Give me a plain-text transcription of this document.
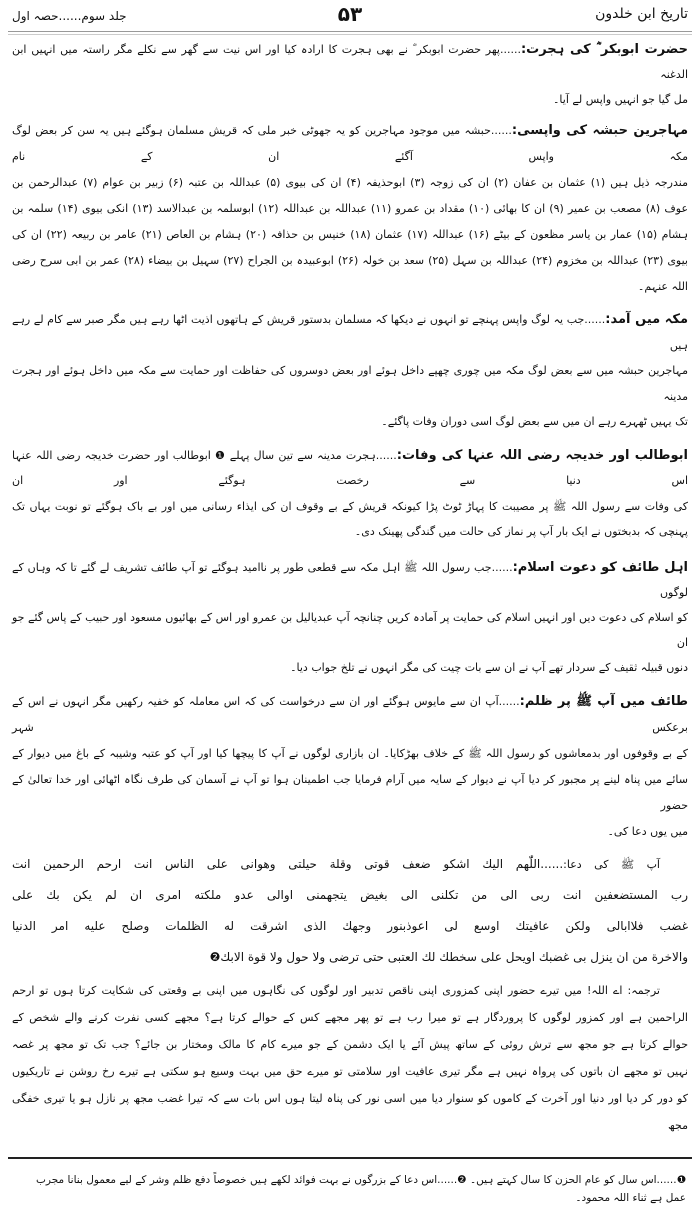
تاریخ ابن خلدون
۵۳
جلد سوم......حصہ اول
حضرت ابوبکر ؓ کی ہجرت:......پھر حضرت ابوبکر ؓ نے بھی ہجرت کا ارادہ کیا اور اس نیت سے گھر سے نکلے مگر راستہ میں انہیں ابن الدغنہ
مل گیا جو انہیں واپس لے آیا۔
مہاجرین حبشہ کی واپسی:......حبشہ میں موجود مہاجرین کو یہ جھوٹی خبر ملی کہ قریش مسلمان ہوگئے ہیں یہ سن کر بعض لوگ مکہ واپس آگئے ان کے نام
مندرجہ ذیل ہیں (۱) عثمان بن عفان (۲) ان کی زوجہ (۳) ابوحذیفہ (۴) ان کی بیوی (۵) عبداللہ بن عتبہ (۶) زبیر بن عوام (۷) عبدالرحمن بن
عوف (۸) مصعب بن عمیر (۹) ان کا بھائی (۱۰) مقداد بن عمرو (۱۱) عبداللہ بن عبداللہ (۱۲) ابوسلمہ بن عبدالاسد (۱۳) انکی بیوی (۱۴) سلمہ بن
ہشام (۱۵) عمار بن یاسر مظعون کے بیٹے (۱۶) عبداللہ (۱۷) عثمان (۱۸) خنیس بن حذافہ (۲۰) ہشام بن العاص (۲۱) عامر بن ربیعہ (۲۲) ان کی
بیوی (۲۳) عبداللہ بن مخزوم (۲۴) عبداللہ بن سہل (۲۵) سعد بن خولہ (۲۶) ابوعبیدہ بن الجراح (۲۷) سہیل بن بیضاء (۲۸) عمر بن ابی سرح رضی اللہ عنہم۔
مکہ میں آمد:......جب یہ لوگ واپس پہنچے تو انہوں نے دیکھا کہ مسلمان بدستور قریش کے ہاتھوں اذیت اٹھا رہے ہیں مگر صبر سے کام لے رہے ہیں
مہاجرین حبشہ میں سے بعض لوگ مکہ میں چوری چھپے داخل ہوئے اور بعض دوسروں کی حفاظت اور حمایت سے مکہ میں داخل ہوئے اور ہجرت مدینہ
تک یہیں ٹھہرے رہے ان میں سے بعض لوگ اسی دوران وفات پاگئے۔
ابوطالب اور خدیجہ رضی اللہ عنہا کی وفات:......ہجرت مدینہ سے تین سال پہلے ❶ ابوطالب اور حضرت خدیجہ رضی اللہ عنہا اس دنیا سے رخصت ہوگئے اور ان
کی وفات سے رسول اللہ ﷺ پر مصیبت کا پہاڑ ٹوٹ پڑا کیونکہ قریش کے بے وقوف ان کی ایذاء رسانی میں اور بے باک ہوگئے تو نوبت یہاں تک
پہنچی کہ بدبختوں نے ایک بار آپ پر نماز کی حالت میں گندگی پھینک دی۔
اہل طائف کو دعوت اسلام:......جب رسول اللہ ﷺ اہل مکہ سے قطعی طور پر ناامید ہوگئے تو آپ طائف تشریف لے گئے تا کہ وہاں کے لوگوں
کو اسلام کی دعوت دیں اور انہیں اسلام کی حمایت پر آمادہ کریں چنانچہ آپ عبدیالیل بن عمرو اور اس کے بھائیوں مسعود اور حبیب کے پاس گئے جو ان
دنوں قبیلہ ثقیف کے سردار تھے آپ نے ان سے بات چیت کی مگر انہوں نے تلخ جواب دیا۔
طائف میں آپ ﷺ پر ظلم:......آپ ان سے مایوس ہوگئے اور ان سے درخواست کی کہ اس معاملہ کو خفیہ رکھیں مگر انہوں نے اس کے برعکس شہر
کے بے وقوفوں اور بدمعاشوں کو رسول اللہ ﷺ کے خلاف بھڑکایا۔ ان بازاری لوگوں نے آپ کا پیچھا کیا اور آپ کو عتبہ وشیبہ کے باغ میں دیوار کے
سائے میں پناہ لینے پر مجبور کر دیا آپ نے دیوار کے سایہ میں آرام فرمایا جب اطمینان ہوا تو آپ نے آسمان کی طرف نگاہ اٹھائی اور خدا تعالیٰ کے حضور
میں یوں دعا کی۔
آپ ﷺ کی دعا:......اللّٰھم الیك اشکو ضعف قوتی وقلة حیلتی وھوانی علی الناس انت ارحم الرحمین انت
رب المستضعفین انت ربی الی من تکلنی الی بغیض یتجھمنی اوالی عدو ملکته امری ان لم یکن بك علی
غضب فلاابالی ولکن عافیتك اوسع لی اعوذبنور وجھك الذی اشرقت له الظلمات وصلح علیه امر الدنیا
والاخرة من ان ینزل بی غضبك اویحل علی سخطك لك العتبی حتی ترضی ولا حول ولا قوة الابك❷
ترجمہ: اے اللہ! میں تیرے حضور اپنی کمزوری اپنی ناقص تدبیر اور لوگوں کی نگاہوں میں اپنی بے وقعتی کی شکایت کرتا ہوں تو ارحم
الراحمین ہے اور کمزور لوگوں کا پروردگار ہے تو میرا رب ہے تو پھر مجھے کس کے حوالے کرتا ہے؟ مجھے کسی نفرت کرنے والے شخص کے
حوالے کرتا ہے جو مجھ سے ترش روئی کے ساتھ پیش آئے یا ایک دشمن کے جو میرے کام کا مالک ومختار بن جائے؟ جب تک تو مجھ پر غصہ
نہیں تو مجھے ان باتوں کی پرواہ نہیں ہے مگر تیری عافیت اور سلامتی تو میرے حق میں بہت وسیع ہو سکتی ہے تیرے رخ روشن نے تاریکیوں
کو دور کر دیا اور دنیا اور آخرت کے کاموں کو سنوار دیا میں اسی نور کی پناہ لیتا ہوں اس بات سے کہ تیرا غضب مجھ پر نازل ہو یا تیری خفگی مجھ
❶......اس سال کو عام الحزن کا سال کہتے ہیں۔ ❷......اس دعا کے بزرگوں نے بہت فوائد لکھے ہیں خصوصاً دفع ظلم وشر کے لیے معمول بنانا مجرب عمل ہے ثناء اللہ محمود۔
